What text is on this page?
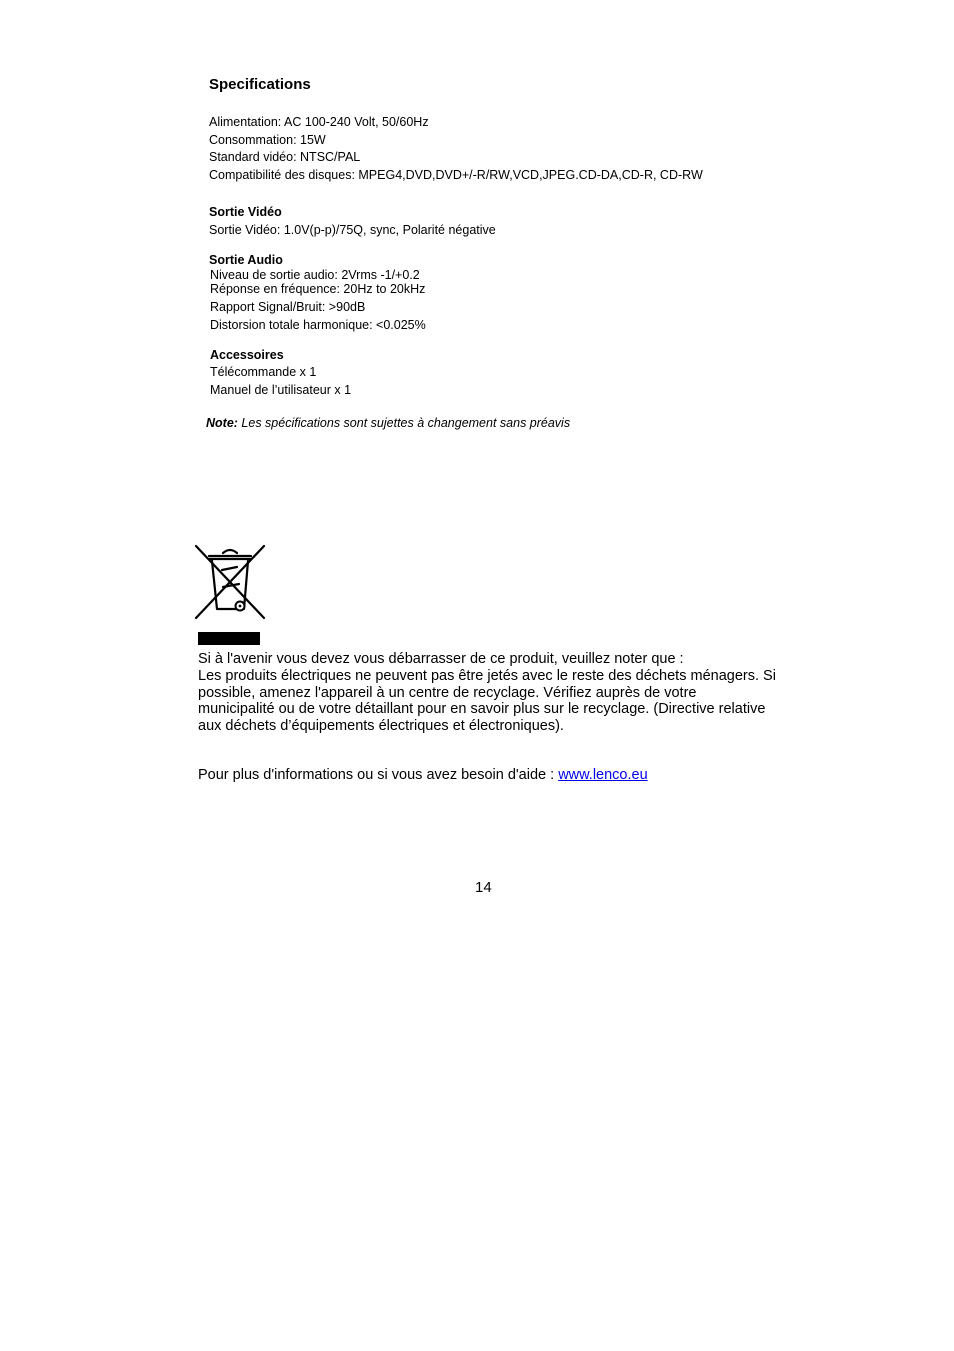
Specifications
Alimentation: AC 100-240 Volt, 50/60Hz
Consommation: 15W
Standard vidéo: NTSC/PAL
Compatibilité des disques: MPEG4,DVD,DVD+/-R/RW,VCD,JPEG.CD-DA,CD-R, CD-RW
Sortie Vidéo
Sortie Vidéo: 1.0V(p-p)/75Q, sync, Polarité négative
Sortie Audio
Niveau de sortie audio: 2Vrms -1/+0.2
Réponse en fréquence: 20Hz to 20kHz
Rapport Signal/Bruit: >90dB
Distorsion totale harmonique: <0.025%
Accessoires
Télécommande x 1
Manuel de l’utilisateur x 1
Note: Les spécifications sont sujettes à changement sans préavis
Si à l'avenir vous devez vous débarrasser de ce produit, veuillez noter que :
Les produits électriques ne peuvent pas être jetés avec le reste des déchets ménagers. Si possible, amenez l'appareil à un centre de recyclage. Vérifiez auprès de votre municipalité ou de votre détaillant pour en savoir plus sur le recyclage. (Directive relative aux déchets d’équipements électriques et électroniques).
Pour plus d'informations ou si vous avez besoin d'aide : www.lenco.eu
14
